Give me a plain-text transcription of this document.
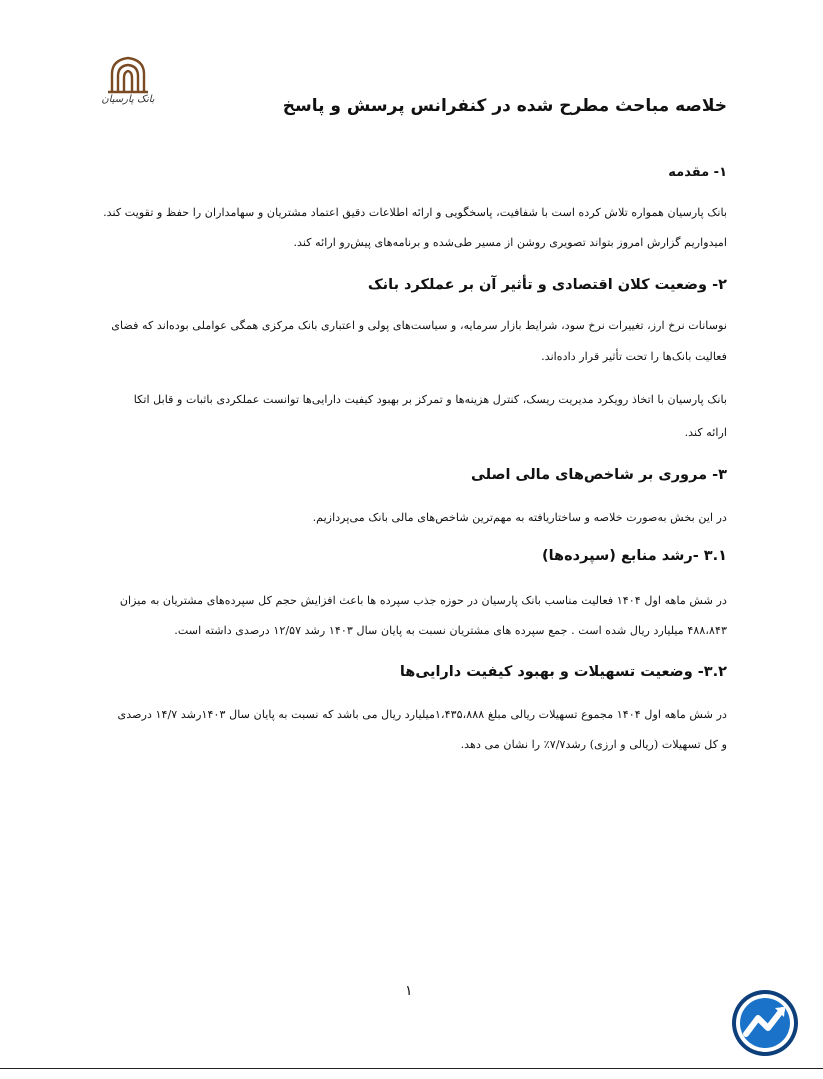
بانک پارسیان	خلاصه مباحث مطرح شده در کنفرانس پرسش و پاسخ
۱- مقدمه
بانک پارسیان همواره تلاش کرده است با شفافیت، پاسخگویی و ارائه اطلاعات دقیق اعتماد مشتریان و سهامداران را حفظ و تقویت کند.
امیدواریم گزارش امروز بتواند تصویری روشن از مسیر طی‌شده و برنامه‌های پیش‌رو ارائه کند.
۲- وضعیت کلان اقتصادی و تأثیر آن بر عملکرد بانک
نوسانات نرخ ارز، تغییرات نرخ سود، شرایط بازار سرمایه، و سیاست‌های پولی و اعتباری بانک مرکزی همگی عواملی بوده‌اند که فضای
فعالیت بانک‌ها را تحت تأثیر قرار داده‌اند.
بانک پارسیان با اتخاذ رویکرد مدیریت ریسک، کنترل هزینه‌ها و تمرکز بر بهبود کیفیت دارایی‌ها توانست عملکردی باثبات و قابل اتکا
ارائه کند.
۳- مروری بر شاخص‌های مالی اصلی
در این بخش به‌صورت خلاصه و ساختاریافته به مهم‌ترین شاخص‌های مالی بانک می‌پردازیم.
۳.۱ -رشد منابع (سپرده‌ها)
در شش ماهه اول ۱۴۰۴ فعالیت مناسب بانک پارسیان در حوزه جذب سپرده ها باعث افزایش حجم کل سپرده‌های مشتریان به میزان
۴۸۸،۸۴۳ میلیارد ریال شده است . جمع سپرده های مشتریان نسبت به پایان سال ۱۴۰۳ رشد ۱۲/۵۷ درصدی داشته است.
۳.۲- وضعیت تسهیلات و بهبود کیفیت دارایی‌ها
در شش ماهه اول ۱۴۰۴ مجموع تسهیلات ریالی مبلغ ۱،۴۳۵،۸۸۸میلیارد ریال می باشد که نسبت به پایان سال ۱۴۰۳رشد ۱۴/۷ درصدی
و کل تسهیلات (ریالی و ارزی) رشد۷/۷٪ را نشان می دهد.
۱
